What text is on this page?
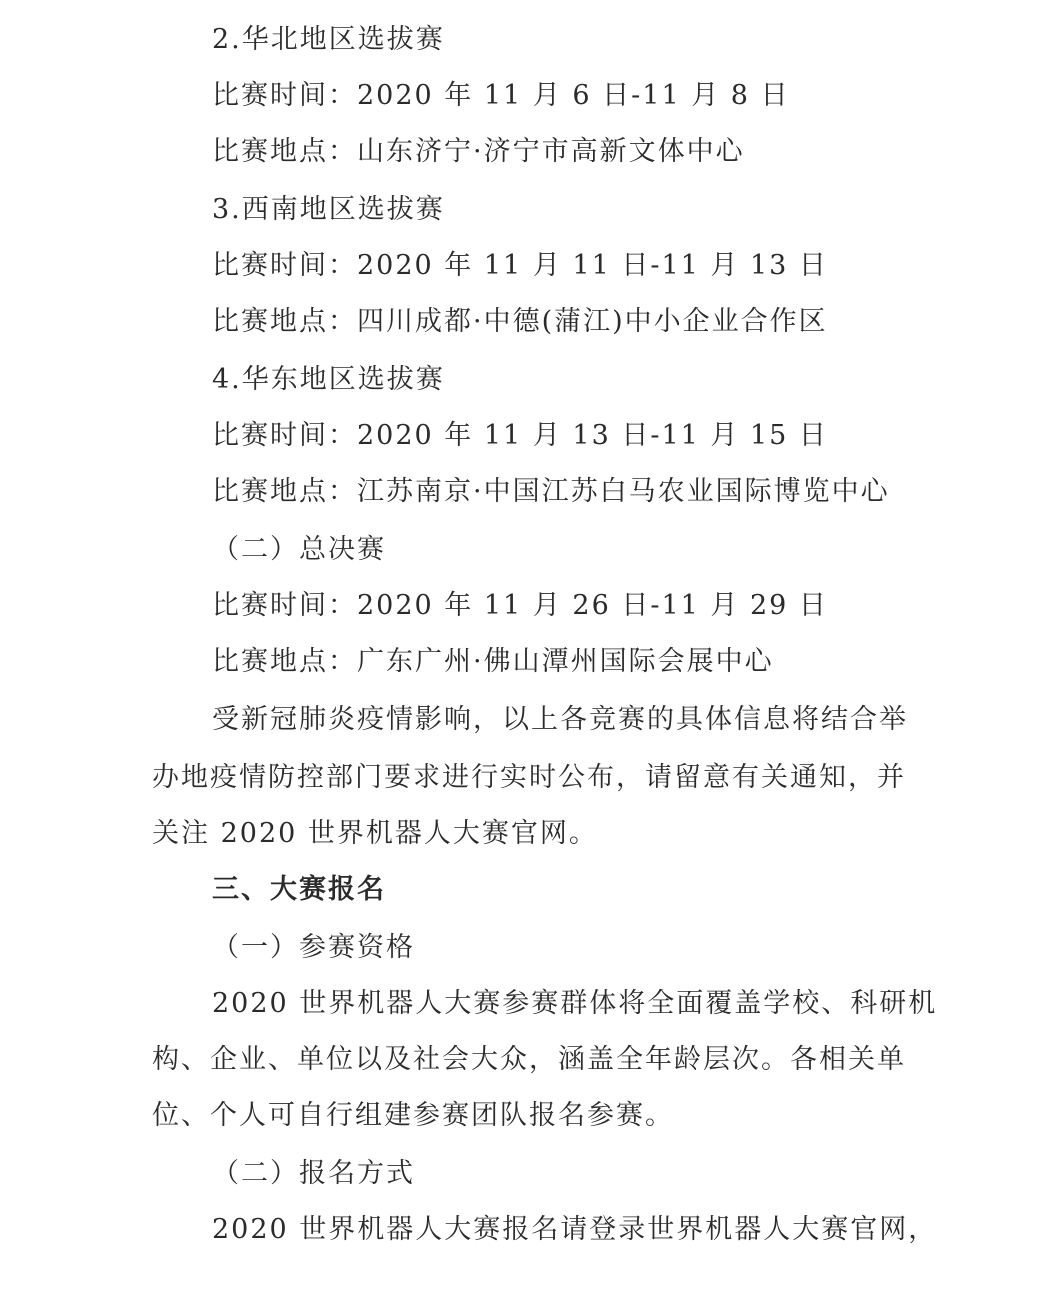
2.华北地区选拔赛

比赛时间：2020 年 11 月 6 日-11 月 8 日

比赛地点：山东济宁·济宁市高新文体中心

3.西南地区选拔赛

比赛时间：2020 年 11 月 11 日-11 月 13 日

比赛地点：四川成都·中德(蒲江)中小企业合作区

4.华东地区选拔赛

比赛时间：2020 年 11 月 13 日-11 月 15 日

比赛地点：江苏南京·中国江苏白马农业国际博览中心

（二）总决赛

比赛时间：2020 年 11 月 26 日-11 月 29 日

比赛地点：广东广州·佛山潭州国际会展中心

受新冠肺炎疫情影响，以上各竞赛的具体信息将结合举

办地疫情防控部门要求进行实时公布，请留意有关通知，并

关注 2020 世界机器人大赛官网。

三、大赛报名

（一）参赛资格

2020 世界机器人大赛参赛群体将全面覆盖学校、科研机

构、企业、单位以及社会大众，涵盖全年龄层次。各相关单

位、个人可自行组建参赛团队报名参赛。

（二）报名方式

2020 世界机器人大赛报名请登录世界机器人大赛官网，
